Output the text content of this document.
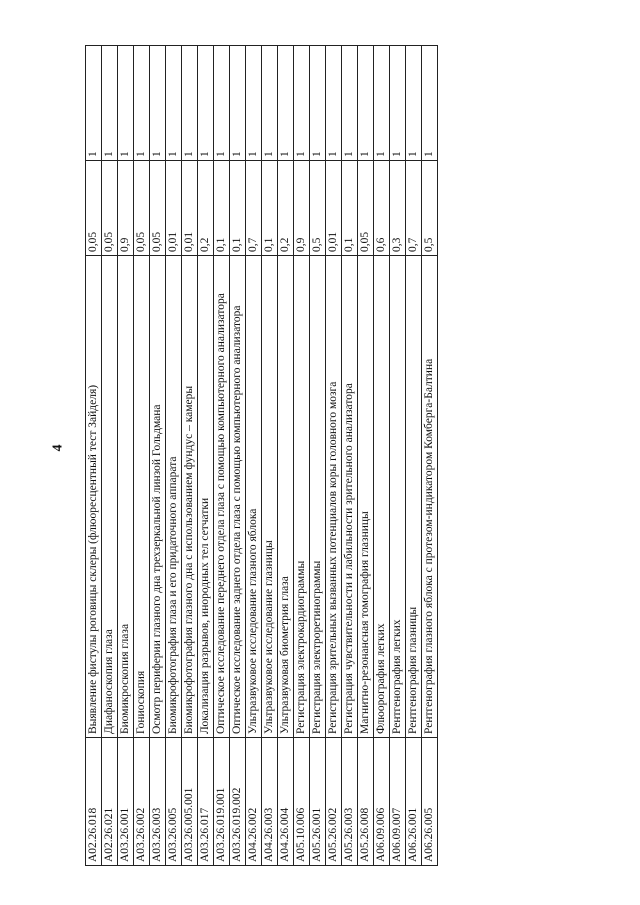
4
A02.26.018	Выявление фистулы роговицы склеры (флюоресцентный тест Зайделя)	0,05	1
A02.26.021	Диафаноскопия глаза	0,05	1
A03.26.001	Биомикроскопия глаза	0,9	1
A03.26.002	Гониоскопия	0,05	1
A03.26.003	Осмотр периферии глазного дна трехзеркальной линзой Гольдмана	0,05	1
A03.26.005	Биомикрофотография глаза и его придаточного аппарата	0,01	1
A03.26.005.001	Биомикрофотография глазного дна с использованием фундус – камеры	0,01	1
A03.26.017	Локализация разрывов, инородных тел сетчатки	0,2	1
A03.26.019.001	Оптическое исследование переднего отдела глаза с помощью компьютерного анализатора	0,1	1
A03.26.019.002	Оптическое исследование заднего отдела глаза с помощью компьютерного анализатора	0,1	1
A04.26.002	Ультразвуковое исследование глазного яблока	0,7	1
A04.26.003	Ультразвуковое исследование глазницы	0,1	1
A04.26.004	Ультразвуковая биометрия глаза	0,2	1
A05.10.006	Регистрация электрокардиограммы	0,9	1
A05.26.001	Регистрация электроретинограммы	0,5	1
A05.26.002	Регистрация зрительных вызванных потенциалов коры головного мозга	0,01	1
A05.26.003	Регистрация чувствительности и лабильности зрительного анализатора	0,1	1
A05.26.008	Магнитно-резонансная томография глазницы	0,05	1
A06.09.006	Флюорография легких	0,6	1
A06.09.007	Рентгенография легких	0,3	1
A06.26.001	Рентгенография глазницы	0,7	1
A06.26.005	Рентгенография глазного яблока с протезом-индикатором Комберга-Балтина	0,5	1
